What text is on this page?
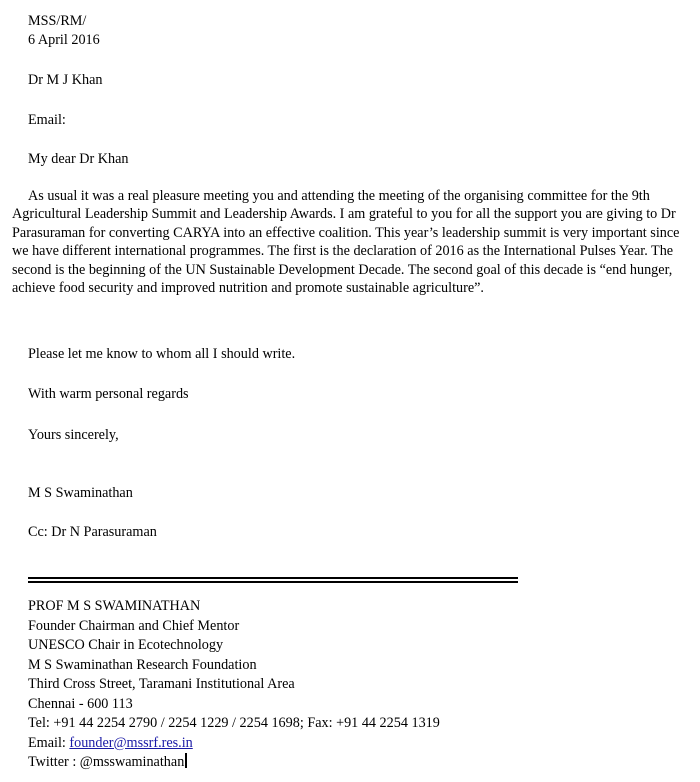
MSS/RM/
6 April 2016
Dr M J Khan
Email:
My dear Dr Khan

As usual it was a real pleasure meeting you and attending the meeting of the organising committee for the 9th Agricultural Leadership Summit and Leadership Awards. I am grateful to you for all the support you are giving to Dr Parasuraman for converting CARYA into an effective coalition. This year’s leadership summit is very important since we have different international programmes. The first is the declaration of 2016 as the International Pulses Year. The second is the beginning of the UN Sustainable Development Decade. The second goal of this decade is “end hunger, achieve food security and improved nutrition and promote sustainable agriculture”.

Please let me know to whom all I should write.
With warm personal regards
Yours sincerely,
M S Swaminathan
Cc: Dr N Parasuraman
PROF M S SWAMINATHAN
Founder Chairman and Chief Mentor
UNESCO Chair in Ecotechnology
M S Swaminathan Research Foundation
Third Cross Street, Taramani Institutional Area
Chennai - 600 113
Tel: +91 44 2254 2790 / 2254 1229 / 2254 1698; Fax: +91 44 2254 1319
Email: founder@mssrf.res.in
Twitter : @msswaminathan
